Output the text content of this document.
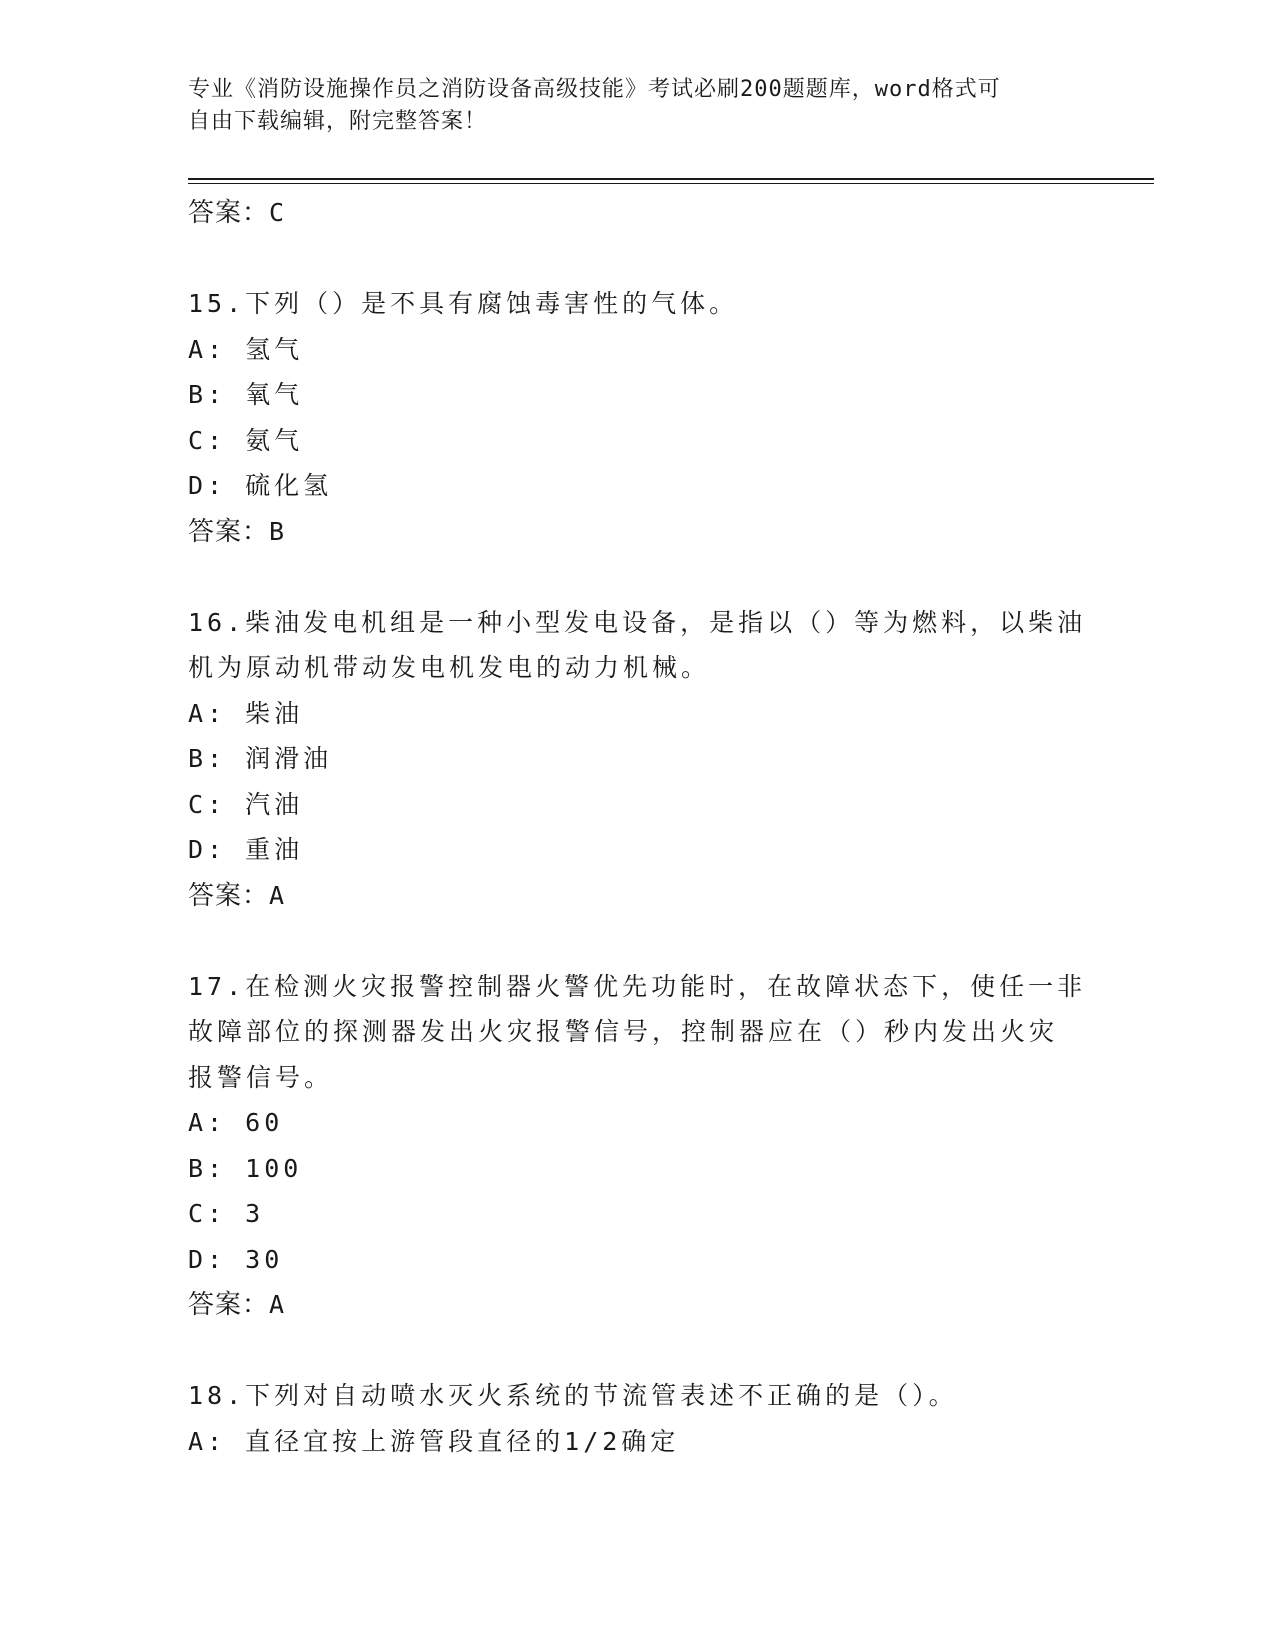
专业《消防设施操作员之消防设备高级技能》考试必刷200题题库，word格式可
自由下载编辑，附完整答案！
答案：C
15.下列（）是不具有腐蚀毒害性的气体。
A: 氢气
B: 氧气
C: 氨气
D: 硫化氢
答案：B
16.柴油发电机组是一种小型发电设备，是指以（）等为燃料，以柴油
机为原动机带动发电机发电的动力机械。
A: 柴油
B: 润滑油
C: 汽油
D: 重油
答案：A
17.在检测火灾报警控制器火警优先功能时，在故障状态下，使任一非
故障部位的探测器发出火灾报警信号，控制器应在（）秒内发出火灾
报警信号。
A: 60
B: 100
C: 3
D: 30
答案：A
18.下列对自动喷水灭火系统的节流管表述不正确的是（）。
A: 直径宜按上游管段直径的1/2确定
